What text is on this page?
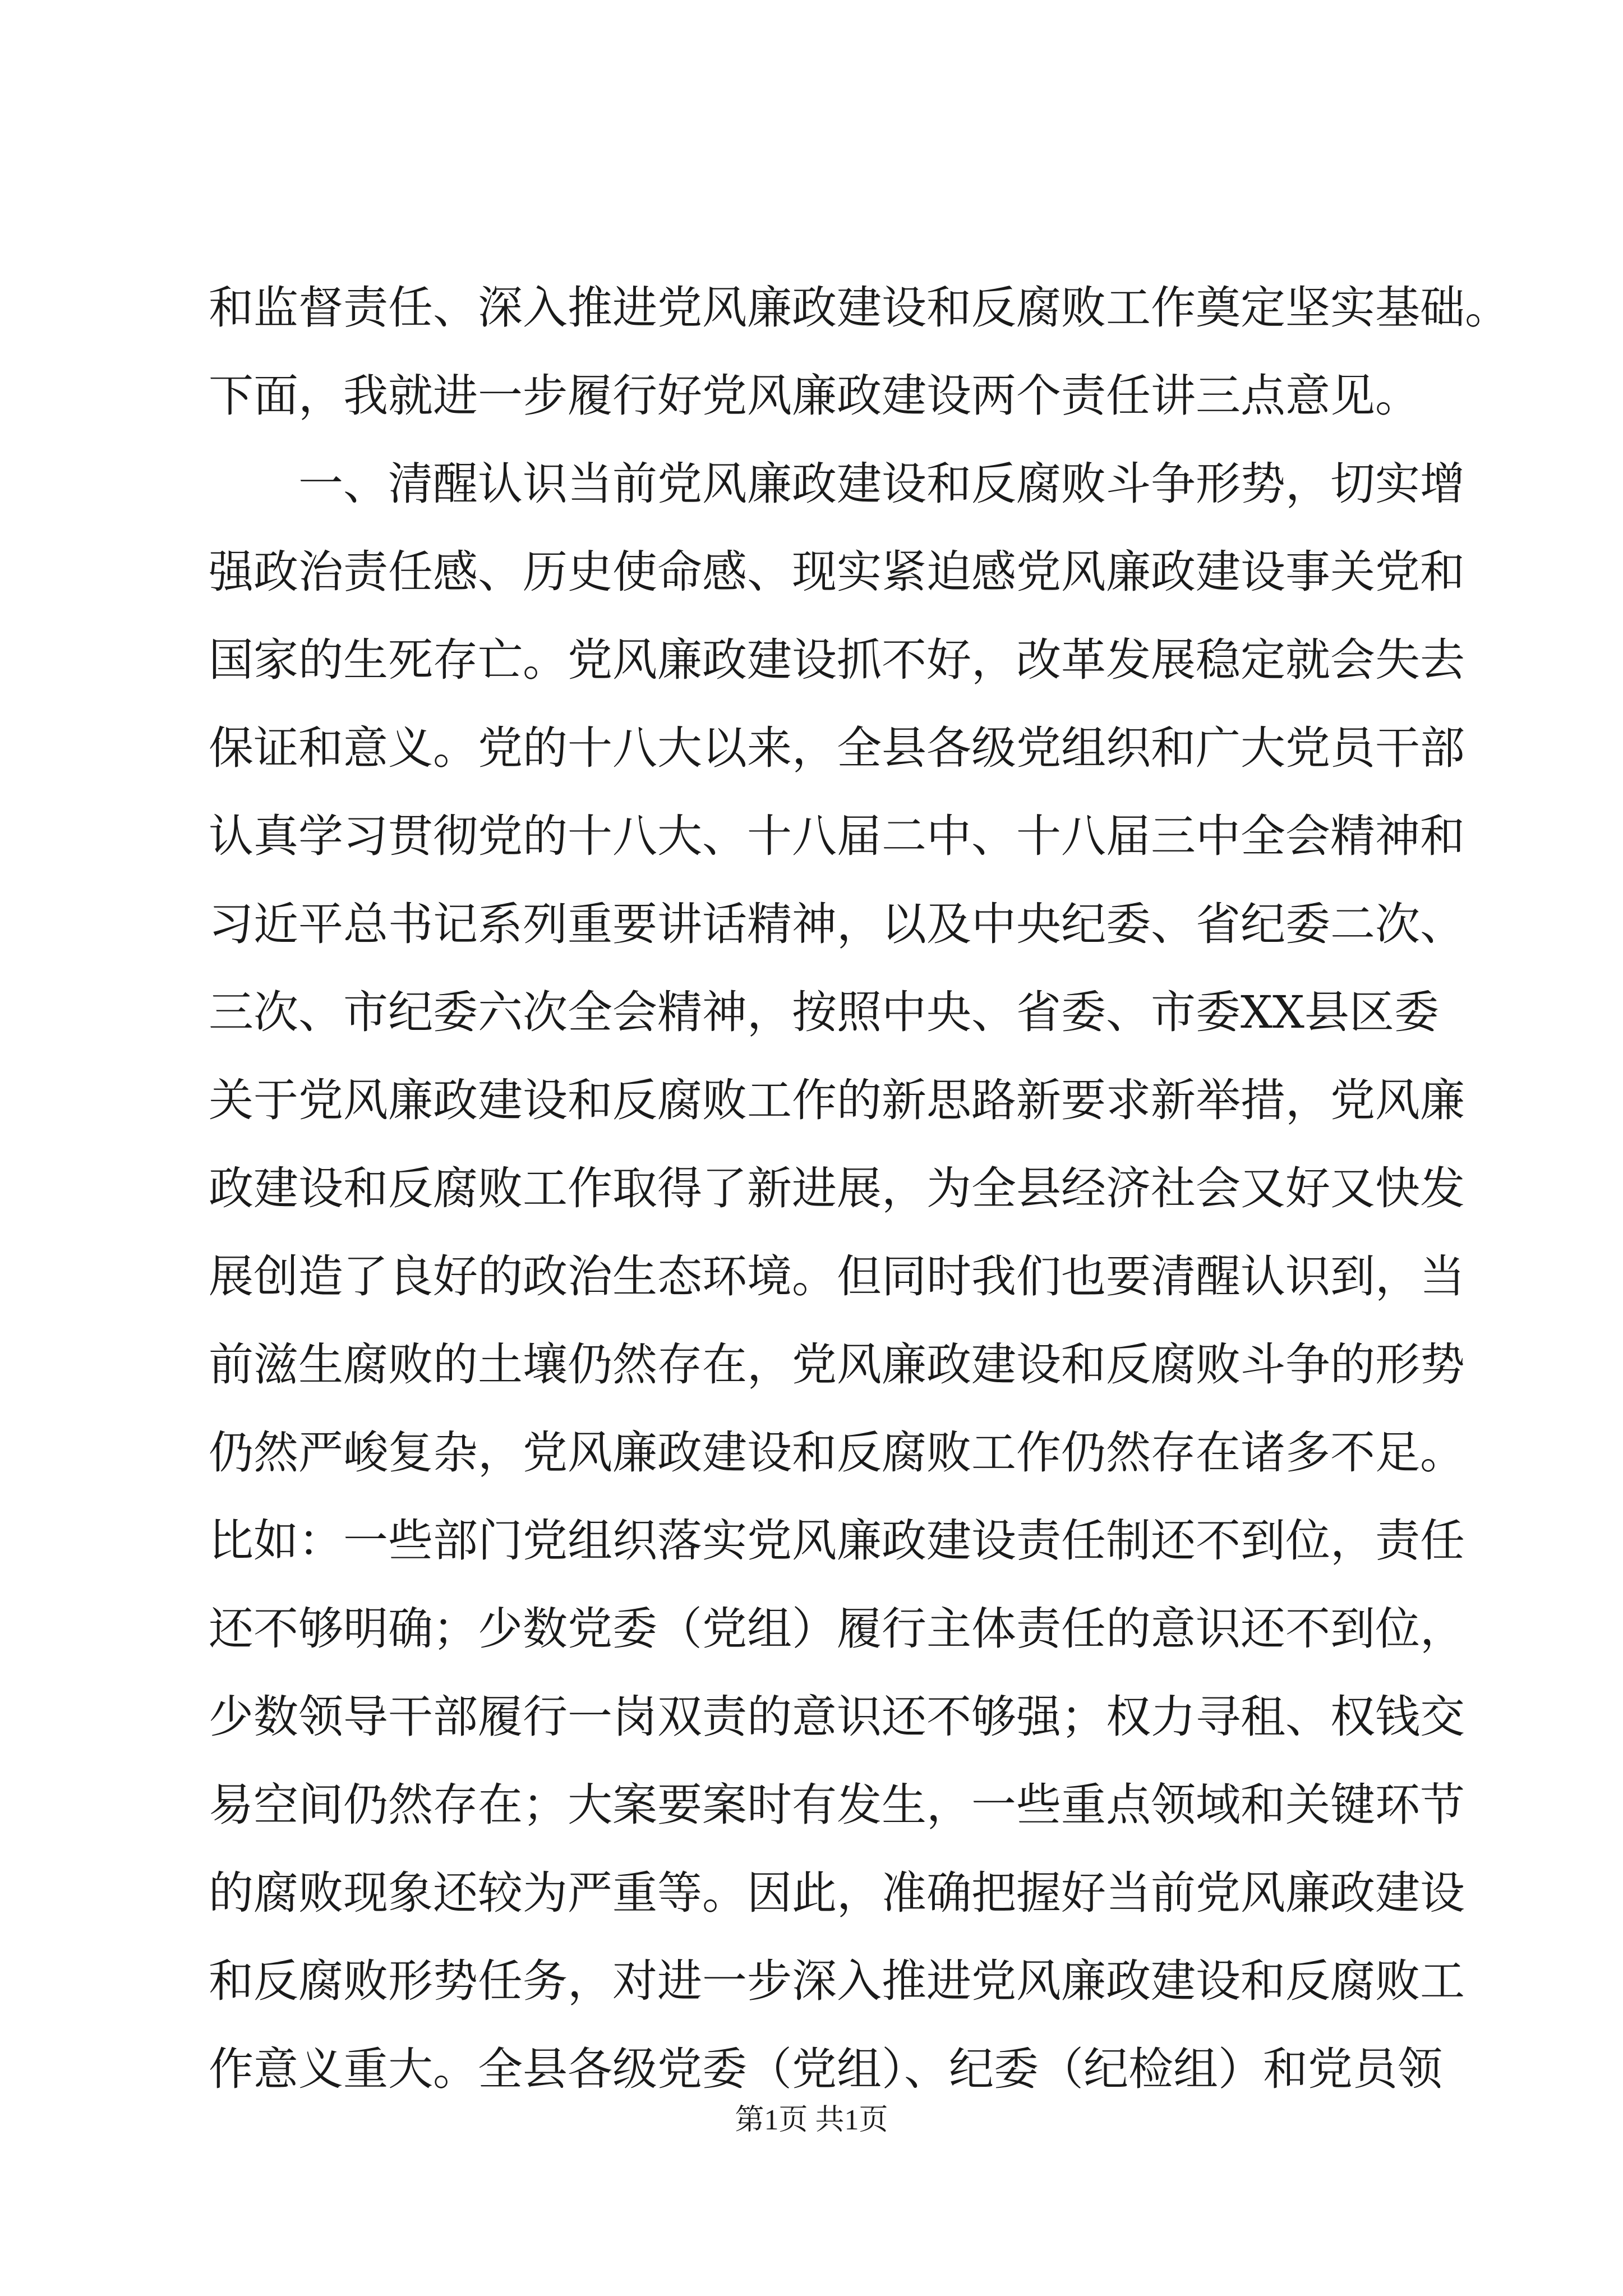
和监督责任、深入推进党风廉政建设和反腐败工作奠定坚实基础。
下面，我就进一步履行好党风廉政建设两个责任讲三点意见。
一、清醒认识当前党风廉政建设和反腐败斗争形势，切实增
强政治责任感、历史使命感、现实紧迫感党风廉政建设事关党和
国家的生死存亡。党风廉政建设抓不好，改革发展稳定就会失去
保证和意义。党的十八大以来，全县各级党组织和广大党员干部
认真学习贯彻党的十八大、十八届二中、十八届三中全会精神和
习近平总书记系列重要讲话精神，以及中央纪委、省纪委二次、
三次、市纪委六次全会精神，按照中央、省委、市委XX县区委
关于党风廉政建设和反腐败工作的新思路新要求新举措，党风廉
政建设和反腐败工作取得了新进展，为全县经济社会又好又快发
展创造了良好的政治生态环境。但同时我们也要清醒认识到，当
前滋生腐败的土壤仍然存在，党风廉政建设和反腐败斗争的形势
仍然严峻复杂，党风廉政建设和反腐败工作仍然存在诸多不足。
比如：一些部门党组织落实党风廉政建设责任制还不到位，责任
还不够明确；少数党委（党组）履行主体责任的意识还不到位，
少数领导干部履行一岗双责的意识还不够强；权力寻租、权钱交
易空间仍然存在；大案要案时有发生，一些重点领域和关键环节
的腐败现象还较为严重等。因此，准确把握好当前党风廉政建设
和反腐败形势任务，对进一步深入推进党风廉政建设和反腐败工
作意义重大。全县各级党委（党组）、纪委（纪检组）和党员领
第1页 共1页
